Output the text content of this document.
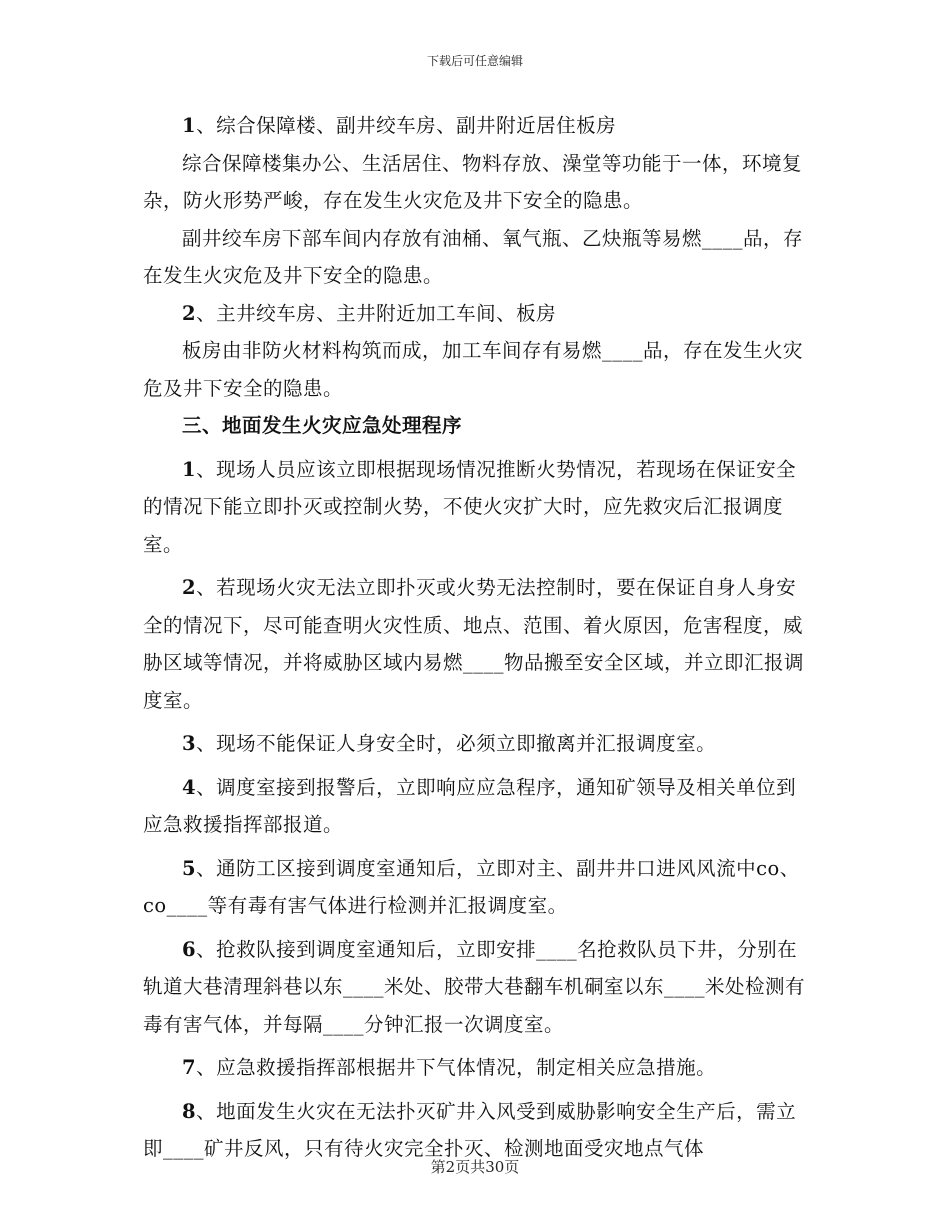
下载后可任意编辑

1、综合保障楼、副井绞车房、副井附近居住板房

综合保障楼集办公、生活居住、物料存放、澡堂等功能于一体，环境复杂，防火形势严峻，存在发生火灾危及井下安全的隐患。

副井绞车房下部车间内存放有油桶、氧气瓶、乙炔瓶等易燃____品，存在发生火灾危及井下安全的隐患。

2、主井绞车房、主井附近加工车间、板房

板房由非防火材料构筑而成，加工车间存有易燃____品，存在发生火灾危及井下安全的隐患。

三、地面发生火灾应急处理程序

1、现场人员应该立即根据现场情况推断火势情况，若现场在保证安全的情况下能立即扑灭或控制火势，不使火灾扩大时，应先救灾后汇报调度室。

2、若现场火灾无法立即扑灭或火势无法控制时，要在保证自身人身安全的情况下，尽可能查明火灾性质、地点、范围、着火原因，危害程度，威胁区域等情况，并将威胁区域内易燃____物品搬至安全区域，并立即汇报调度室。

3、现场不能保证人身安全时，必须立即撤离并汇报调度室。

4、调度室接到报警后，立即响应应急程序，通知矿领导及相关单位到应急救援指挥部报道。

5、通防工区接到调度室通知后，立即对主、副井井口进风风流中co、co____等有毒有害气体进行检测并汇报调度室。

6、抢救队接到调度室通知后，立即安排____名抢救队员下井，分别在轨道大巷清理斜巷以东____米处、胶带大巷翻车机硐室以东____米处检测有毒有害气体，并每隔____分钟汇报一次调度室。

7、应急救援指挥部根据井下气体情况，制定相关应急措施。

8、地面发生火灾在无法扑灭矿井入风受到威胁影响安全生产后，需立即____矿井反风，只有待火灾完全扑灭、检测地面受灾地点气体

第2页共30页
